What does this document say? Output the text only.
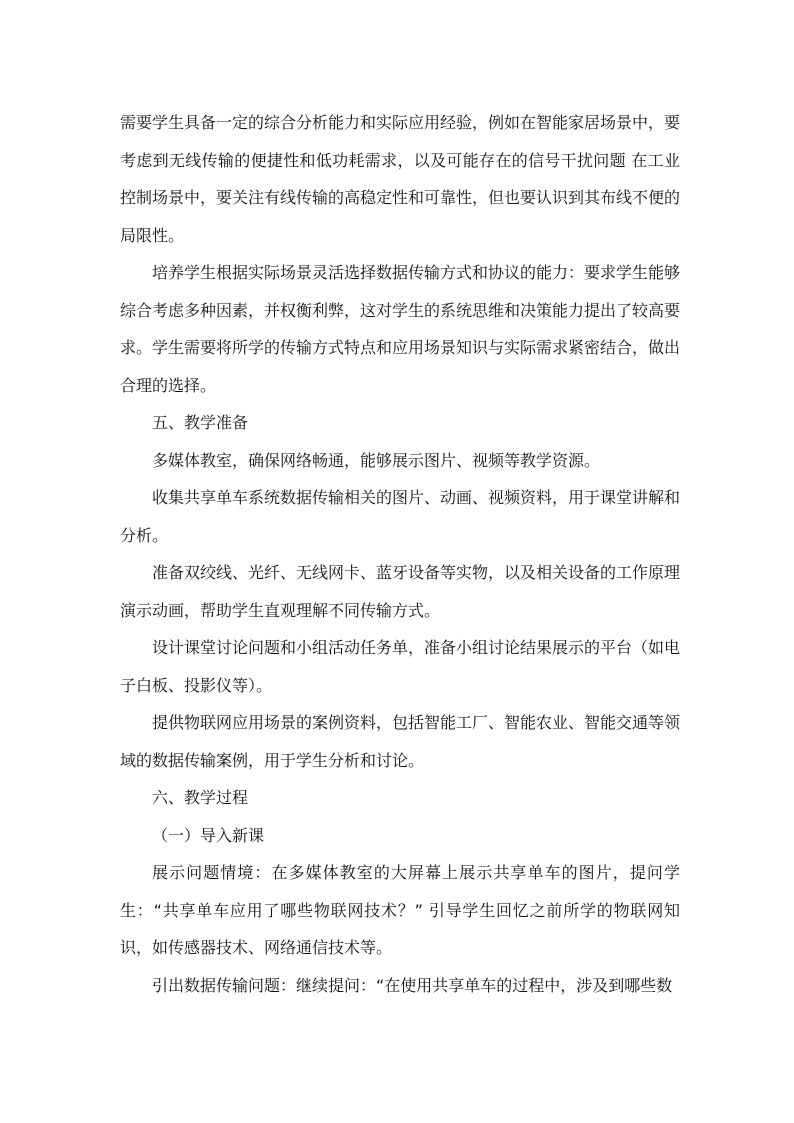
需要学生具备一定的综合分析能力和实际应用经验，例如在智能家居场景中，要考虑到无线传输的便捷性和低功耗需求，以及可能存在的信号干扰问题 在工业控制场景中，要关注有线传输的高稳定性和可靠性，但也要认识到其布线不便的局限性。

培养学生根据实际场景灵活选择数据传输方式和协议的能力：要求学生能够综合考虑多种因素，并权衡利弊，这对学生的系统思维和决策能力提出了较高要求。学生需要将所学的传输方式特点和应用场景知识与实际需求紧密结合，做出合理的选择。

五、教学准备

多媒体教室，确保网络畅通，能够展示图片、视频等教学资源。

收集共享单车系统数据传输相关的图片、动画、视频资料，用于课堂讲解和分析。

准备双绞线、光纤、无线网卡、蓝牙设备等实物，以及相关设备的工作原理演示动画，帮助学生直观理解不同传输方式。

设计课堂讨论问题和小组活动任务单，准备小组讨论结果展示的平台（如电子白板、投影仪等）。

提供物联网应用场景的案例资料，包括智能工厂、智能农业、智能交通等领域的数据传输案例，用于学生分析和讨论。

六、教学过程

（一）导入新课

展示问题情境：在多媒体教室的大屏幕上展示共享单车的图片，提问学生：“共享单车应用了哪些物联网技术？” 引导学生回忆之前所学的物联网知识，如传感器技术、网络通信技术等。

引出数据传输问题：继续提问：“在使用共享单车的过程中，涉及到哪些数
